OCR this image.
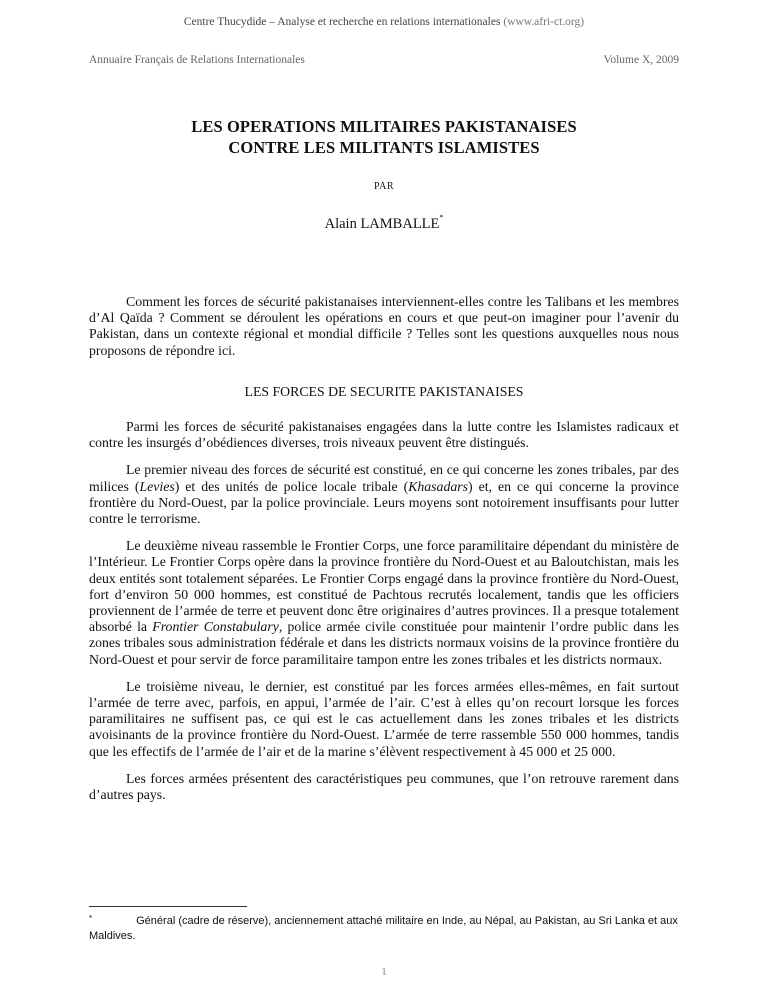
Centre Thucydide – Analyse et recherche en relations internationales (www.afri-ct.org)
Annuaire Français de Relations Internationales	Volume X, 2009
LES OPERATIONS MILITAIRES PAKISTANAISES
CONTRE LES MILITANTS ISLAMISTES
PAR
Alain LAMBALLE*

Comment les forces de sécurité pakistanaises interviennent-elles contre les Talibans et les membres d’Al Qaïda ? Comment se déroulent les opérations en cours et que peut-on imaginer pour l’avenir du Pakistan, dans un contexte régional et mondial difficile ? Telles sont les questions auxquelles nous nous proposons de répondre ici.

LES FORCES DE SECURITE PAKISTANAISES

Parmi les forces de sécurité pakistanaises engagées dans la lutte contre les Islamistes radicaux et contre les insurgés d’obédiences diverses, trois niveaux peuvent être distingués.

Le premier niveau des forces de sécurité est constitué, en ce qui concerne les zones tribales, par des milices (Levies) et des unités de police locale tribale (Khasadars) et, en ce qui concerne la province frontière du Nord-Ouest, par la police provinciale. Leurs moyens sont notoirement insuffisants pour lutter contre le terrorisme.

Le deuxième niveau rassemble le Frontier Corps, une force paramilitaire dépendant du ministère de l’Intérieur. Le Frontier Corps opère dans la province frontière du Nord-Ouest et au Baloutchistan, mais les deux entités sont totalement séparées. Le Frontier Corps engagé dans la province frontière du Nord-Ouest, fort d’environ 50 000 hommes, est constitué de Pachtous recrutés localement, tandis que les officiers proviennent de l’armée de terre et peuvent donc être originaires d’autres provinces. Il a presque totalement absorbé la Frontier Constabulary, police armée civile constituée pour maintenir l’ordre public dans les zones tribales sous administration fédérale et dans les districts normaux voisins de la province frontière du Nord-Ouest et pour servir de force paramilitaire tampon entre les zones tribales et les districts normaux.

Le troisième niveau, le dernier, est constitué par les forces armées elles-mêmes, en fait surtout l’armée de terre avec, parfois, en appui, l’armée de l’air. C’est à elles qu’on recourt lorsque les forces paramilitaires ne suffisent pas, ce qui est le cas actuellement dans les zones tribales et les districts avoisinants de la province frontière du Nord-Ouest. L’armée de terre rassemble 550 000 hommes, tandis que les effectifs de l’armée de l’air et de la marine s’élèvent respectivement à 45 000 et 25 000.

Les forces armées présentent des caractéristiques peu communes, que l’on retrouve rarement dans d’autres pays.

*	Général (cadre de réserve), anciennement attaché militaire en Inde, au Népal, au Pakistan, au Sri Lanka et aux Maldives.
1
